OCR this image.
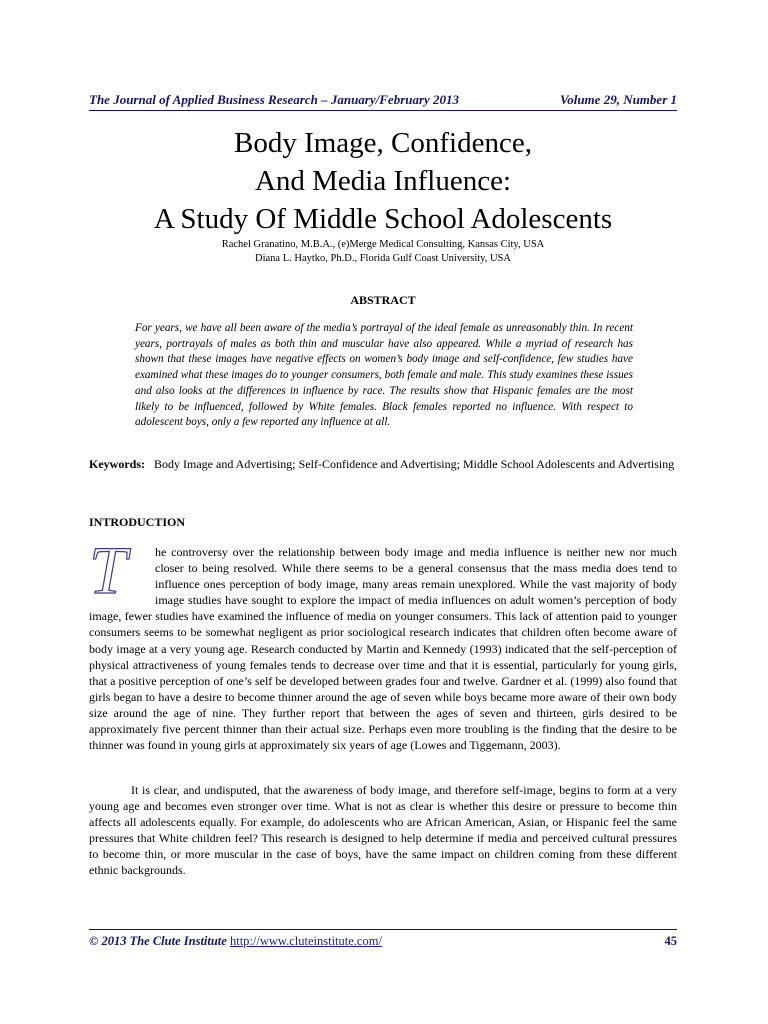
The Journal of Applied Business Research – January/February 2013	Volume 29, Number 1
Body Image, Confidence,
And Media Influence:
A Study Of Middle School Adolescents
Rachel Granatino, M.B.A., (e)Merge Medical Consulting, Kansas City, USA
Diana L. Haytko, Ph.D., Florida Gulf Coast University, USA
ABSTRACT

For years, we have all been aware of the media’s portrayal of the ideal female as unreasonably thin. In recent years, portrayals of males as both thin and muscular have also appeared. While a myriad of research has shown that these images have negative effects on women’s body image and self-confidence, few studies have examined what these images do to younger consumers, both female and male. This study examines these issues and also looks at the differences in influence by race. The results show that Hispanic females are the most likely to be influenced, followed by White females. Black females reported no influence. With respect to adolescent boys, only a few reported any influence at all.

Keywords: Body Image and Advertising; Self-Confidence and Advertising; Middle School Adolescents and Advertising
INTRODUCTION
T	he controversy over the relationship between body image and media influence is neither new nor much closer to being resolved. While there seems to be a general consensus that the mass media does tend to influence ones perception of body image, many areas remain unexplored. While the vast majority of body image studies have sought to explore the impact of media influences on adult women’s perception of body image, fewer studies have examined the influence of media on younger consumers. This lack of attention paid to younger consumers seems to be somewhat negligent as prior sociological research indicates that children often become aware of body image at a very young age. Research conducted by Martin and Kennedy (1993) indicated that the self-perception of physical attractiveness of young females tends to decrease over time and that it is essential, particularly for young girls, that a positive perception of one’s self be developed between grades four and twelve. Gardner et al. (1999) also found that girls began to have a desire to become thinner around the age of seven while boys became more aware of their own body size around the age of nine. They further report that between the ages of seven and thirteen, girls desired to be approximately five percent thinner than their actual size. Perhaps even more troubling is the finding that the desire to be thinner was found in young girls at approximately six years of age (Lowes and Tiggemann, 2003).

It is clear, and undisputed, that the awareness of body image, and therefore self-image, begins to form at a very young age and becomes even stronger over time. What is not as clear is whether this desire or pressure to become thin affects all adolescents equally. For example, do adolescents who are African American, Asian, or Hispanic feel the same pressures that White children feel? This research is designed to help determine if media and perceived cultural pressures to become thin, or more muscular in the case of boys, have the same impact on children coming from these different ethnic backgrounds.

© 2013 The Clute Institute http://www.cluteinstitute.com/	45
